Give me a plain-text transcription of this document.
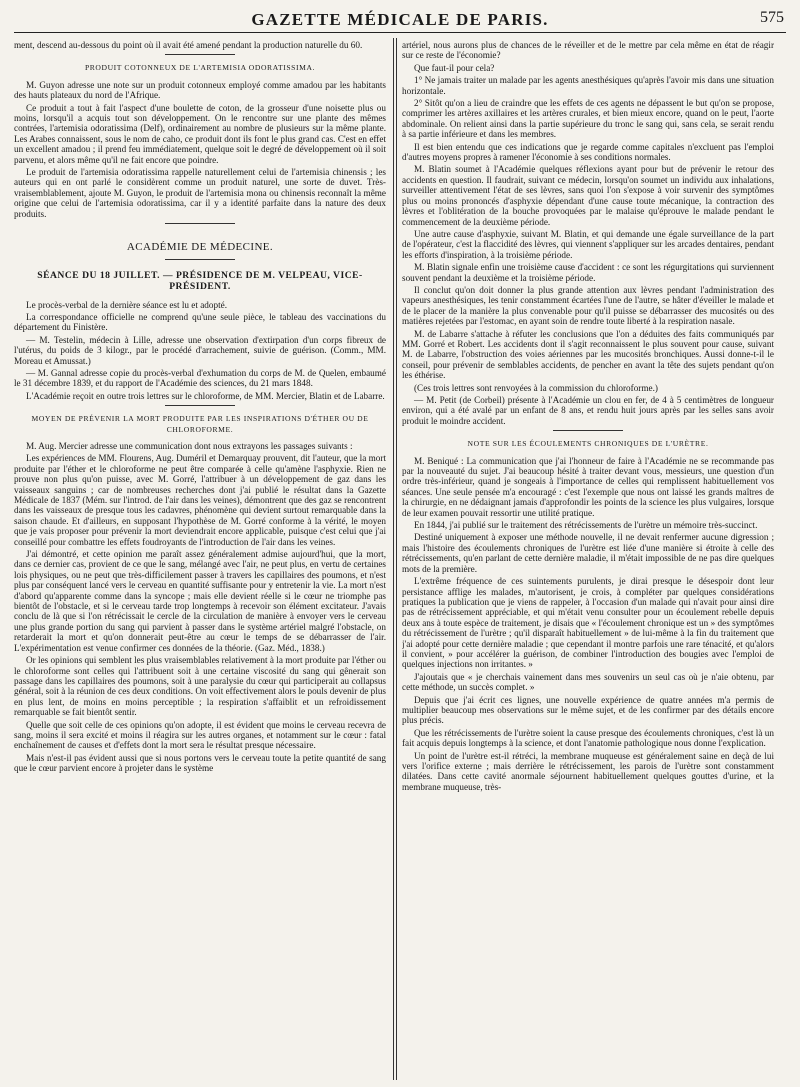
GAZETTE MÉDICALE DE PARIS.	575

ment, descend au-dessous du point où il avait été amené pendant la production naturelle du 60.

PRODUIT COTONNEUX DE L'ARTEMISIA ODORATISSIMA.

M. Guyon adresse une note sur un produit cotonneux employé comme amadou par les habitants des hauts plateaux du nord de l'Afrique.

Ce produit a tout à fait l'aspect d'une boulette de coton, de la grosseur d'une noisette plus ou moins, lorsqu'il a acquis tout son développement. On le rencontre sur une plante des mêmes contrées, l'artemisia odoratissima (Delf), ordinairement au nombre de plusieurs sur la même plante. Les Arabes connaissent, sous le nom de caho, ce produit dont ils font le plus grand cas. C'est en effet un excellent amadou ; il prend feu immédiatement, quelque soit le degré de développement où il soit parvenu, et alors même qu'il ne fait encore que poindre.

Le produit de l'artemisia odoratissima rappelle naturellement celui de l'artemisia chinensis ; les auteurs qui en ont parlé le considèrent comme un produit naturel, une sorte de duvet. Très-vraisemblablement, ajoute M. Guyon, le produit de l'artemisia mona ou chinensis reconnaît la même origine que celui de l'artemisia odoratissima, car il y a identité parfaite dans la nature des deux produits.

ACADÉMIE DE MÉDECINE.
SÉANCE DU 18 JUILLET. — PRÉSIDENCE DE M. VELPEAU, VICE-PRÉSIDENT.

Le procès-verbal de la dernière séance est lu et adopté.

La correspondance officielle ne comprend qu'une seule pièce, le tableau des vaccinations du département du Finistère.

— M. Testelin, médecin à Lille, adresse une observation d'extirpation d'un corps fibreux de l'utérus, du poids de 3 kilogr., par le procédé d'arrachement, suivie de guérison. (Comm., MM. Moreau et Amussat.)

— M. Gannal adresse copie du procès-verbal d'exhumation du corps de M. de Quelen, embaumé le 31 décembre 1839, et du rapport de l'Académie des sciences, du 21 mars 1848.

L'Académie reçoit en outre trois lettres sur le chloroforme, de MM. Mercier, Blatin et de Labarre.

MOYEN DE PRÉVENIR LA MORT PRODUITE PAR LES INSPIRATIONS D'ÉTHER OU DE CHLOROFORME.

M. Aug. Mercier adresse une communication dont nous extrayons les passages suivants :

Les expériences de MM. Flourens, Aug. Duméril et Demarquay prouvent, dit l'auteur, que la mort produite par l'éther et le chloroforme ne peut être comparée à celle qu'amène l'asphyxie. Rien ne prouve non plus qu'on puisse, avec M. Gorré, l'attribuer à un développement de gaz dans les vaisseaux sanguins ; car de nombreuses recherches dont j'ai publié le résultat dans la Gazette Médicale de 1837 (Mém. sur l'introd. de l'air dans les veines), démontrent que des gaz se rencontrent dans les vaisseaux de presque tous les cadavres, phénomène qui devient surtout remarquable dans la saison chaude. Et d'ailleurs, en supposant l'hypothèse de M. Gorré conforme à la vérité, le moyen que je vais proposer pour prévenir la mort deviendrait encore applicable, puisque c'est celui que j'ai conseillé pour combattre les effets foudroyants de l'introduction de l'air dans les veines.

J'ai démontré, et cette opinion me paraît assez généralement admise aujourd'hui, que la mort, dans ce dernier cas, provient de ce que le sang, mélangé avec l'air, ne peut plus, en vertu de certaines lois physiques, ou ne peut que très-difficilement passer à travers les capillaires des poumons, et n'est plus par conséquent lancé vers le cerveau en quantité suffisante pour y entretenir la vie. La mort n'est d'abord qu'apparente comme dans la syncope ; mais elle devient réelle si le cœur ne triomphe pas bientôt de l'obstacle, et si le cerveau tarde trop longtemps à recevoir son élément excitateur. J'avais conclu de là que si l'on rétrécissait le cercle de la circulation de manière à envoyer vers le cerveau une plus grande portion du sang qui parvient à passer dans le système artériel malgré l'obstacle, on retarderait la mort et qu'on donnerait peut-être au cœur le temps de se débarrasser de l'air. L'expérimentation est venue confirmer ces données de la théorie. (Gaz. Méd., 1838.)

Or les opinions qui semblent les plus vraisemblables relativement à la mort produite par l'éther ou le chloroforme sont celles qui l'attribuent soit à une certaine viscosité du sang qui gênerait son passage dans les capillaires des poumons, soit à une paralysie du cœur qui participerait au collapsus général, soit à la réunion de ces deux conditions. On voit effectivement alors le pouls devenir de plus en plus lent, de moins en moins perceptible ; la respiration s'affaiblit et un refroidissement remarquable se fait bientôt sentir.

Quelle que soit celle de ces opinions qu'on adopte, il est évident que moins le cerveau recevra de sang, moins il sera excité et moins il réagira sur les autres organes, et notamment sur le cœur : fatal enchaînement de causes et d'effets dont la mort sera le résultat presque nécessaire.

Mais n'est-il pas évident aussi que si nous portons vers le cerveau toute la petite quantité de sang que le cœur parvient encore à projeter dans le système

artériel, nous aurons plus de chances de le réveiller et de le mettre par cela même en état de réagir sur ce reste de l'économie?

Que faut-il pour cela?

1° Ne jamais traiter un malade par les agents anesthésiques qu'après l'avoir mis dans une situation horizontale.

2° Sitôt qu'on a lieu de craindre que les effets de ces agents ne dépassent le but qu'on se propose, comprimer les artères axillaires et les artères crurales, et bien mieux encore, quand on le peut, l'aorte abdominale. On relient ainsi dans la partie supérieure du tronc le sang qui, sans cela, se serait rendu à sa partie inférieure et dans les membres.

Il est bien entendu que ces indications que je regarde comme capitales n'excluent pas l'emploi d'autres moyens propres à ramener l'économie à ses conditions normales.

M. Blatin soumet à l'Académie quelques réflexions ayant pour but de prévenir le retour des accidents en question. Il faudrait, suivant ce médecin, lorsqu'on soumet un individu aux inhalations, surveiller attentivement l'état de ses lèvres, sans quoi l'on s'expose à voir survenir des symptômes plus ou moins prononcés d'asphyxie dépendant d'une cause toute mécanique, la contraction des lèvres et l'oblitération de la bouche provoquées par le malaise qu'éprouve le malade pendant le commencement de la deuxième période.

Une autre cause d'asphyxie, suivant M. Blatin, et qui demande une égale surveillance de la part de l'opérateur, c'est la flaccidité des lèvres, qui viennent s'appliquer sur les arcades dentaires, pendant les efforts d'inspiration, à la troisième période.

M. Blatin signale enfin une troisième cause d'accident : ce sont les régurgitations qui surviennent souvent pendant la deuxième et la troisième période.

Il conclut qu'on doit donner la plus grande attention aux lèvres pendant l'administration des vapeurs anesthésiques, les tenir constamment écartées l'une de l'autre, se hâter d'éveiller le malade et de le placer de la manière la plus convenable pour qu'il puisse se débarrasser des mucosités ou des matières rejetées par l'estomac, en ayant soin de rendre toute liberté à la respiration nasale.

M. de Labarre s'attache à réfuter les conclusions que l'on a déduites des faits communiqués par MM. Gorré et Robert. Les accidents dont il s'agit reconnaissent le plus souvent pour cause, suivant M. de Labarre, l'obstruction des voies aériennes par les mucosités bronchiques. Aussi donne-t-il le conseil, pour prévenir de semblables accidents, de pencher en avant la tête des sujets pendant qu'on les éthérise.

(Ces trois lettres sont renvoyées à la commission du chloroforme.)

— M. Petit (de Corbeil) présente à l'Académie un clou en fer, de 4 à 5 centimètres de longueur environ, qui a été avalé par un enfant de 8 ans, et rendu huit jours après par les selles sans avoir produit le moindre accident.

NOTE SUR LES ÉCOULEMENTS CHRONIQUES DE L'URÈTRE.

M. Beniqué : La communication que j'ai l'honneur de faire à l'Académie ne se recommande pas par la nouveauté du sujet. J'ai beaucoup hésité à traiter devant vous, messieurs, une question d'un ordre très-inférieur, quand je songeais à l'importance de celles qui remplissent habituellement vos séances. Une seule pensée m'a encouragé : c'est l'exemple que nous ont laissé les grands maîtres de la chirurgie, en ne dédaignant jamais d'approfondir les points de la science les plus vulgaires, lorsque de leur examen pouvait ressortir une utilité pratique.

En 1844, j'ai publié sur le traitement des rétrécissements de l'urètre un mémoire très-succinct.

Destiné uniquement à exposer une méthode nouvelle, il ne devait renfermer aucune digression ; mais l'histoire des écoulements chroniques de l'urètre est liée d'une manière si étroite à celle des rétrécissements, qu'en parlant de cette dernière maladie, il m'était impossible de ne pas dire quelques mots de la première.

L'extrême fréquence de ces suintements purulents, je dirai presque le désespoir dont leur persistance afflige les malades, m'autorisent, je crois, à compléter par quelques considérations pratiques la publication que je viens de rappeler, à l'occasion d'un malade qui n'avait pour ainsi dire pas de rétrécissement appréciable, et qui m'était venu consulter pour un écoulement rebelle depuis deux ans à toute espèce de traitement, je disais que « l'écoulement chronique est un » des symptômes du rétrécissement de l'urètre ; qu'il disparaît habituellement » de lui-même à la fin du traitement que j'ai adopté pour cette dernière maladie ; que cependant il montre parfois une rare ténacité, et qu'alors il convient, » pour accélérer la guérison, de combiner l'introduction des bougies avec l'emploi de quelques injections non irritantes. »

J'ajoutais que « je cherchais vainement dans mes souvenirs un seul cas où je n'aie obtenu, par cette méthode, un succès complet. »

Depuis que j'ai écrit ces lignes, une nouvelle expérience de quatre années m'a permis de multiplier beaucoup mes observations sur le même sujet, et de les confirmer par des détails encore plus précis.

Que les rétrécissements de l'urètre soient la cause presque des écoulements chroniques, c'est là un fait acquis depuis longtemps à la science, et dont l'anatomie pathologique nous donne l'explication.

Un point de l'urètre est-il rétréci, la membrane muqueuse est généralement saine en deçà de lui vers l'orifice externe ; mais derrière le rétrécissement, les parois de l'urètre sont constamment dilatées. Dans cette cavité anormale séjournent habituellement quelques gouttes d'urine, et la membrane muqueuse, très-
